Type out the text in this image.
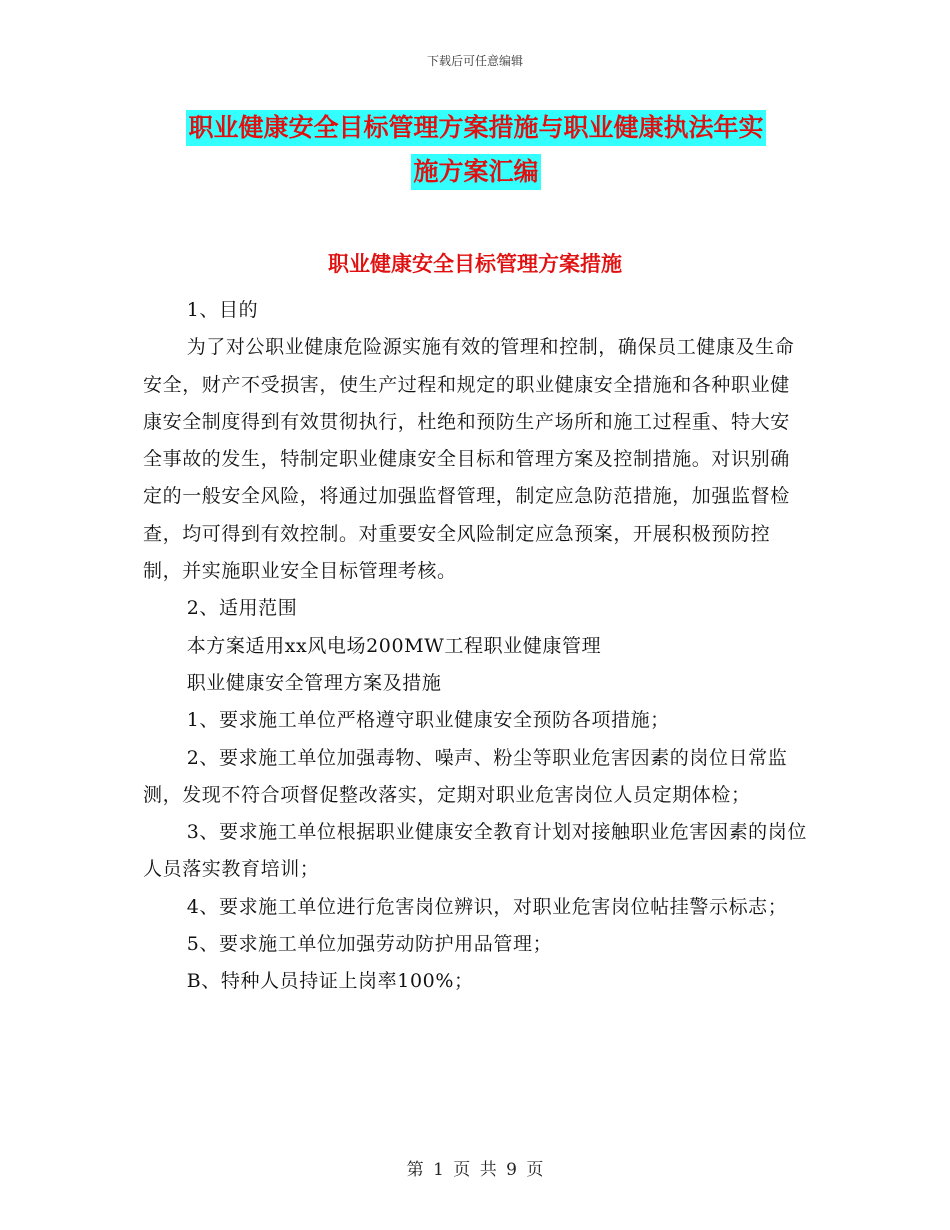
下载后可任意编辑
职业健康安全目标管理方案措施与职业健康执法年实
施方案汇编
职业健康安全目标管理方案措施

1、目的

为了对公职业健康危险源实施有效的管理和控制，确保员工健康及生命安全，财产不受损害，使生产过程和规定的职业健康安全措施和各种职业健康安全制度得到有效贯彻执行，杜绝和预防生产场所和施工过程重、特大安全事故的发生，特制定职业健康安全目标和管理方案及控制措施。对识别确定的一般安全风险，将通过加强监督管理，制定应急防范措施，加强监督检查，均可得到有效控制。对重要安全风险制定应急预案，开展积极预防控制，并实施职业安全目标管理考核。

2、适用范围

本方案适用xx风电场200MW工程职业健康管理

职业健康安全管理方案及措施

1、要求施工单位严格遵守职业健康安全预防各项措施；

2、要求施工单位加强毒物、噪声、粉尘等职业危害因素的岗位日常监测，发现不符合项督促整改落实，定期对职业危害岗位人员定期体检；

3、要求施工单位根据职业健康安全教育计划对接触职业危害因素的岗位人员落实教育培训；

4、要求施工单位进行危害岗位辨识，对职业危害岗位帖挂警示标志；

5、要求施工单位加强劳动防护用品管理；

B、特种人员持证上岗率100%；

第 1 页 共 9 页
